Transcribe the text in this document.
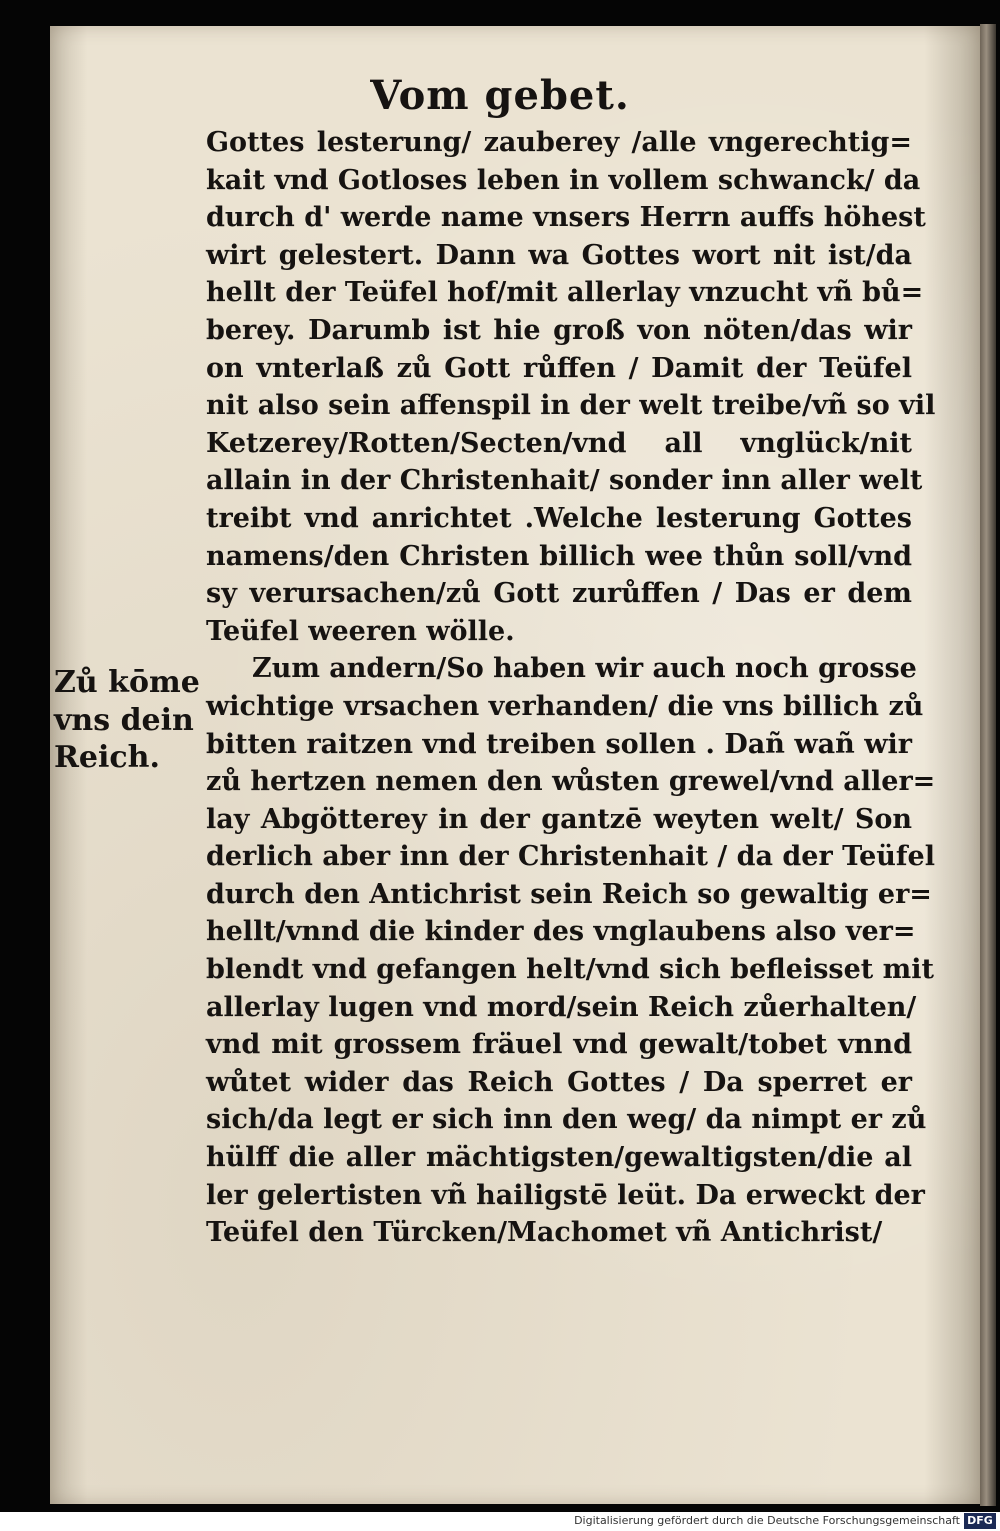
Vom gebet.
Zů kōme
vns dein
Reich.
Gottes lesterung/ zauberey /alle vngerechtig=
kait vnd Gotloses leben in vollem schwanck/ da
durch d' werde name vnsers Herrn auffs höhest
wirt gelestert. Dann wa Gottes wort nit ist/da
hellt der Teüfel hof/mit allerlay vnzucht vñ bů=
berey. Darumb ist hie groß von nöten/das wir
on vnterlaß zů Gott růffen / Damit der Teüfel
nit also sein affenspil in der welt treibe/vñ so vil
Ketzerey/Rotten/Secten/vnd all vnglück/nit
allain in der Christenhait/ sonder inn aller welt
treibt vnd anrichtet .Welche lesterung Gottes
namens/den Christen billich wee thůn soll/vnd
sy verursachen/zů Gott zurůffen / Das er dem
Teüfel weeren wölle.
Zum andern/So haben wir auch noch grosse
wichtige vrsachen verhanden/ die vns billich zů
bitten raitzen vnd treiben sollen . Dañ wañ wir
zů hertzen nemen den wůsten grewel/vnd aller=
lay Abgötterey in der gantzē weyten welt/ Son
derlich aber inn der Christenhait / da der Teüfel
durch den Antichrist sein Reich so gewaltig er=
hellt/vnnd die kinder des vnglaubens also ver=
blendt vnd gefangen helt/vnd sich befleisset mit
allerlay lugen vnd mord/sein Reich zůerhalten/
vnd mit grossem fräuel vnd gewalt/tobet vnnd
wůtet wider das Reich Gottes / Da sperret er
sich/da legt er sich inn den weg/ da nimpt er zů
hülff die aller mächtigsten/gewaltigsten/die al
ler gelertisten vñ hailigstē leüt. Da erweckt der
Teüfel den Türcken/Machomet vñ Antichrist/
Digitalisierung gefördert durch die Deutsche Forschungsgemeinschaft DFG
